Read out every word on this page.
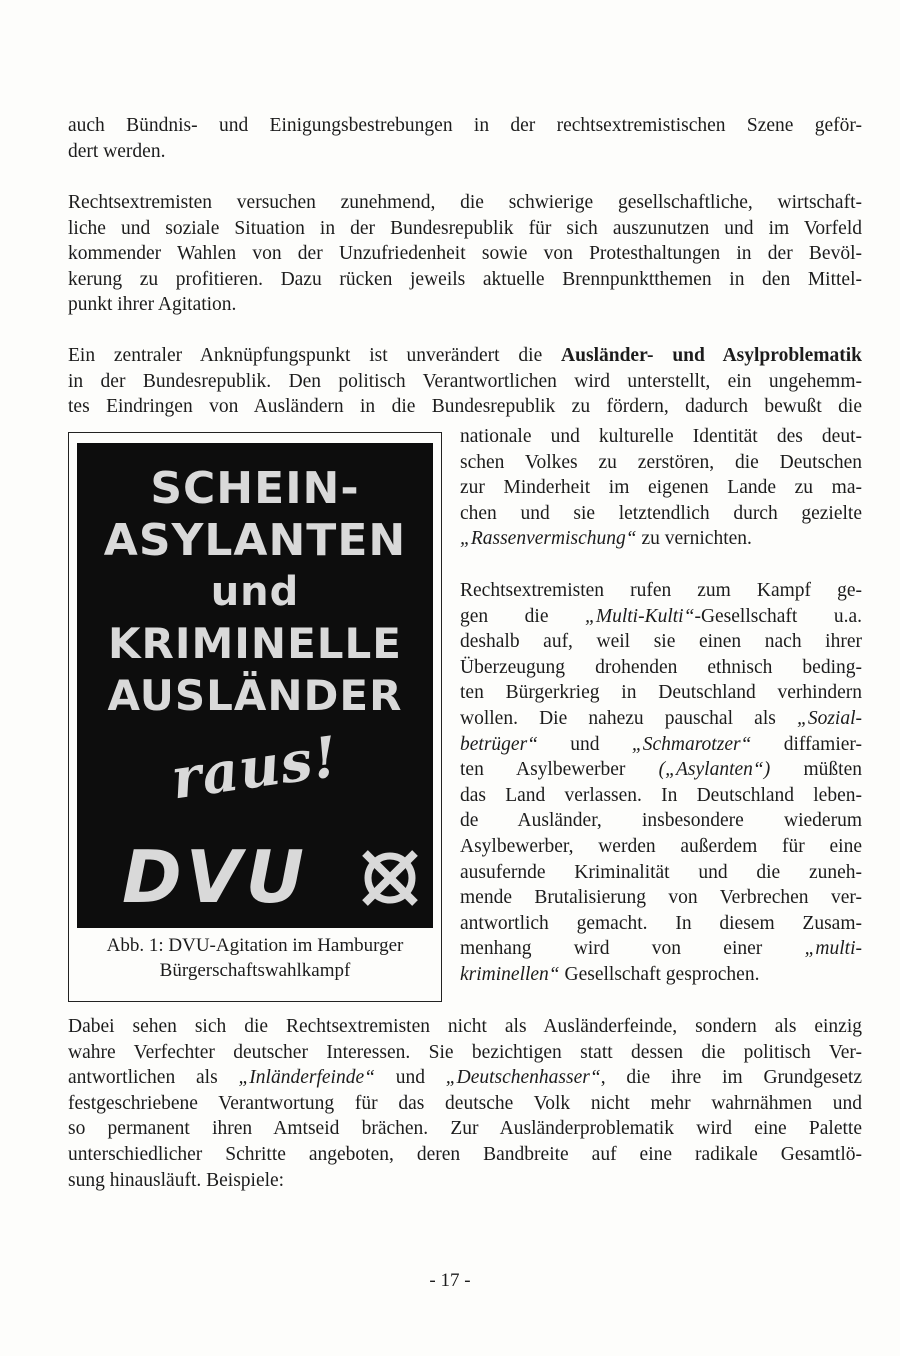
auch Bündnis- und Einigungsbestrebungen in der rechtsextremistischen Szene geför-
dert werden.

Rechtsextremisten versuchen zunehmend, die schwierige gesellschaftliche, wirtschaft-
liche und soziale Situation in der Bundesrepublik für sich auszunutzen und im Vorfeld
kommender Wahlen von der Unzufriedenheit sowie von Protesthaltungen in der Bevöl-
kerung zu profitieren. Dazu rücken jeweils aktuelle Brennpunktthemen in den Mittel-
punkt ihrer Agitation.

Ein zentraler Anknüpfungspunkt ist unverändert die Ausländer- und Asylproblematik
in der Bundesrepublik. Den politisch Verantwortlichen wird unterstellt, ein ungehemm-
tes Eindringen von Ausländern in die Bundesrepublik zu fördern, dadurch bewußt die

SCHEIN-
ASYLANTEN
und
KRIMINELLE
AUSLÄNDER
raus!
DVU
Abb. 1: DVU-Agitation im Hamburger
Bürgerschaftswahlkampf

nationale und kulturelle Identität des deut-
schen Volkes zu zerstören, die Deutschen
zur Minderheit im eigenen Lande zu ma-
chen und sie letztendlich durch gezielte
„Rassenvermischung“ zu vernichten.

Rechtsextremisten rufen zum Kampf ge-
gen die „Multi-Kulti“-Gesellschaft u.a.
deshalb auf, weil sie einen nach ihrer
Überzeugung drohenden ethnisch beding-
ten Bürgerkrieg in Deutschland verhindern
wollen. Die nahezu pauschal als „Sozial-
betrüger“ und „Schmarotzer“ diffamier-
ten Asylbewerber („Asylanten“) müßten
das Land verlassen. In Deutschland leben-
de Ausländer, insbesondere wiederum
Asylbewerber, werden außerdem für eine
ausufernde Kriminalität und die zuneh-
mende Brutalisierung von Verbrechen ver-
antwortlich gemacht. In diesem Zusam-
menhang wird von einer „multi-
kriminellen“ Gesellschaft gesprochen.

Dabei sehen sich die Rechtsextremisten nicht als Ausländerfeinde, sondern als einzig
wahre Verfechter deutscher Interessen. Sie bezichtigen statt dessen die politisch Ver-
antwortlichen als „Inländerfeinde“ und „Deutschenhasser“, die ihre im Grundgesetz
festgeschriebene Verantwortung für das deutsche Volk nicht mehr wahrnähmen und
so permanent ihren Amtseid brächen. Zur Ausländerproblematik wird eine Palette
unterschiedlicher Schritte angeboten, deren Bandbreite auf eine radikale Gesamtlö-
sung hinausläuft. Beispiele:

- 17 -
